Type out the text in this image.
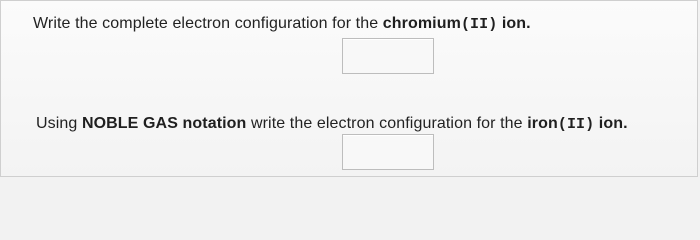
Write the complete electron configuration for the chromium(II) ion.
Using NOBLE GAS notation write the electron configuration for the iron(II) ion.
